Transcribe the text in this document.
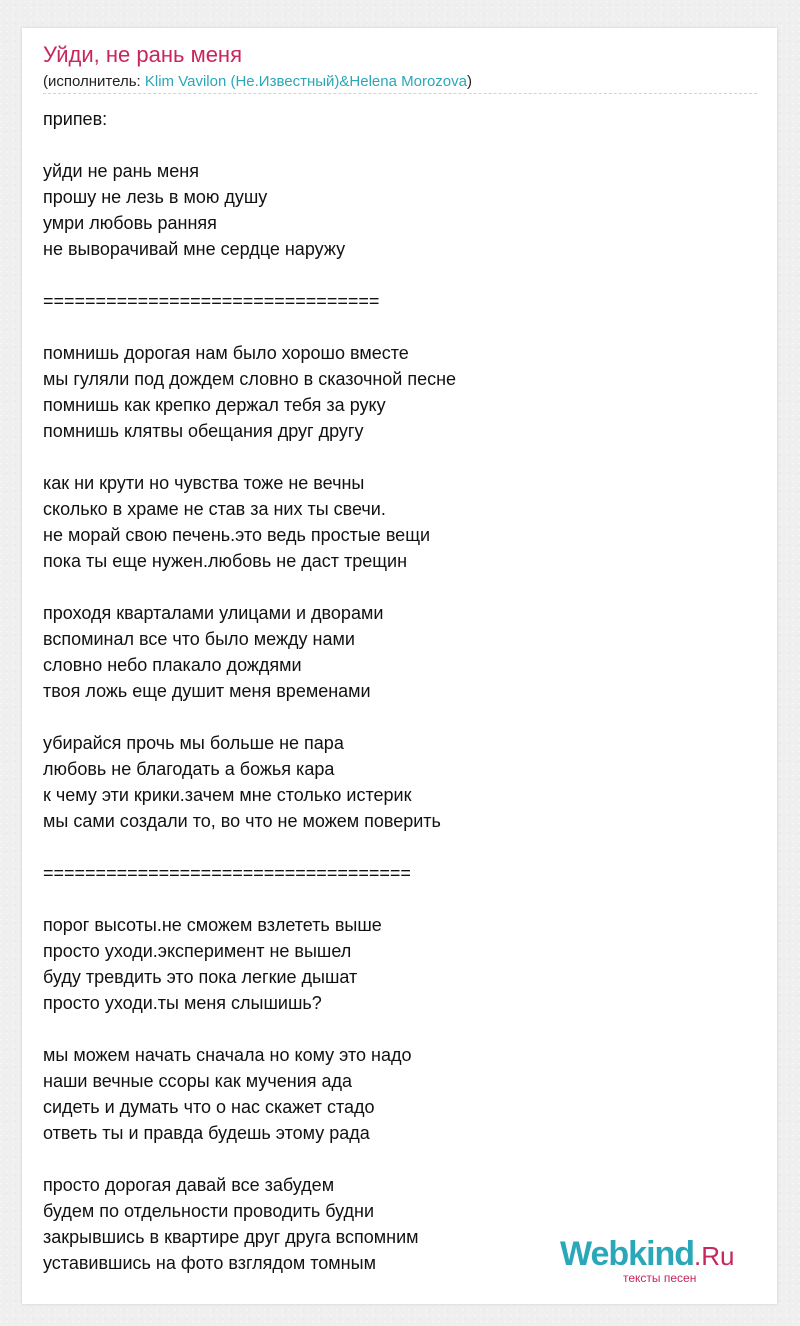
Уйди, не рань меня
(исполнитель: Klim Vavilon (Не.Известный)&Helena Morozova)
припев:

уйди не рань меня
прошу не лезь в мою душу
умри любовь ранняя
не выворачивай мне сердце наружу

================================

помнишь дорогая нам было хорошо вместе
мы гуляли под дождем словно в сказочной песне
помнишь как крепко держал тебя за руку
помнишь клятвы обещания друг другу

как ни крути но чувства тоже не вечны
сколько в храме не став за них ты свечи.
не морай свою печень.это ведь простые вещи
пока ты еще нужен.любовь не даст трещин

проходя кварталами улицами и дворами
вспоминал все что было между нами
словно небо плакало дождями
твоя ложь еще душит меня временами

убирайся прочь мы больше не пара
любовь не благодать а божья кара
к чему эти крики.зачем мне столько истерик
мы сами создали то, во что не можем поверить

===================================

порог высоты.не сможем взлететь выше
просто уходи.эксперимент не вышел
буду тревдить это пока легкие дышат
просто уходи.ты меня слышишь?

мы можем начать сначала но кому это надо
наши вечные ссоры как мучения ада
сидеть и думать что о нас скажет стадо
ответь ты и правда будешь этому рада

просто дорогая давай все забудем
будем по отдельности проводить будни
закрывшись в квартире друг друга вспомним
уставившись на фото взглядом томным	Webkind.Ru
тексты песен
